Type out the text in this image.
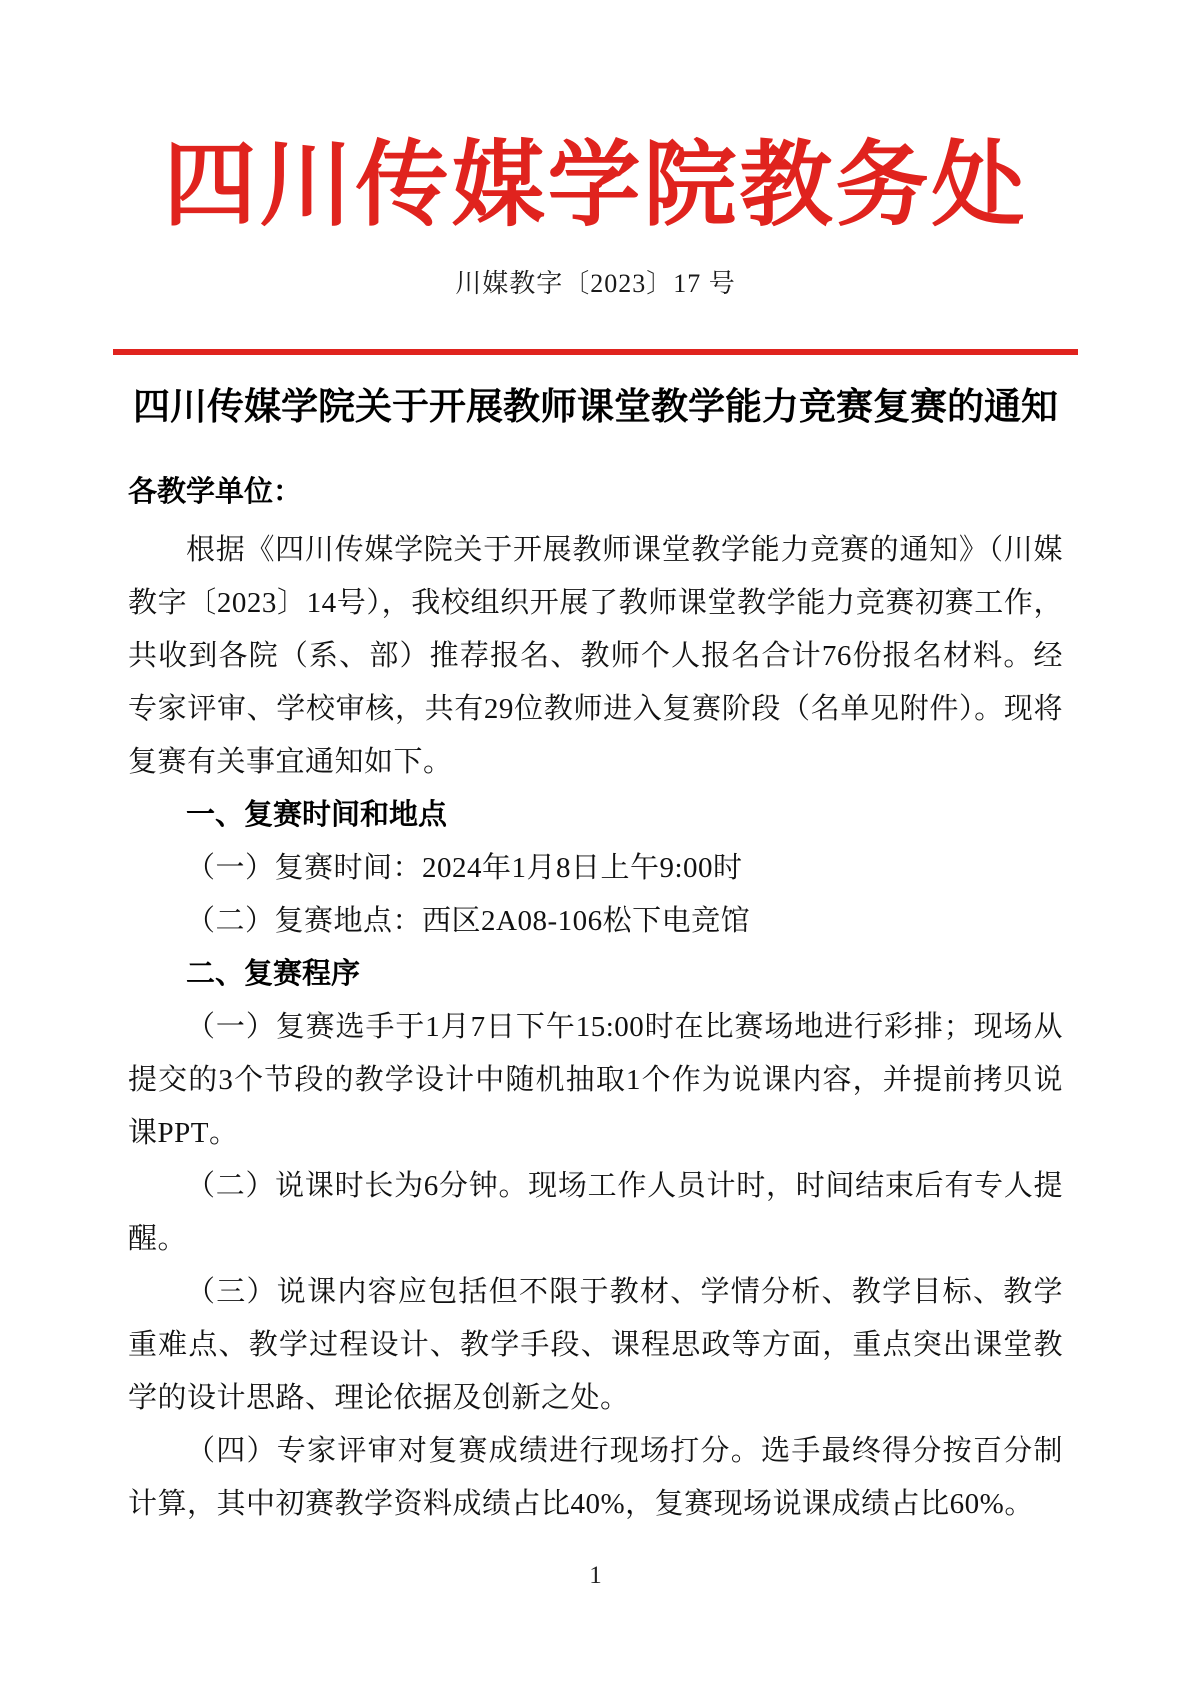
四川传媒学院教务处
川媒教字〔2023〕17 号
四川传媒学院关于开展教师课堂教学能力竞赛复赛的通知
各教学单位：

根据《四川传媒学院关于开展教师课堂教学能力竞赛的通知》（川媒教字〔2023〕14号），我校组织开展了教师课堂教学能力竞赛初赛工作，共收到各院（系、部）推荐报名、教师个人报名合计76份报名材料。经专家评审、学校审核，共有29位教师进入复赛阶段（名单见附件）。现将复赛有关事宜通知如下。

一、复赛时间和地点

（一）复赛时间：2024年1月8日上午9:00时

（二）复赛地点：西区2A08-106松下电竞馆

二、复赛程序

（一）复赛选手于1月7日下午15:00时在比赛场地进行彩排；现场从提交的3个节段的教学设计中随机抽取1个作为说课内容，并提前拷贝说课PPT。

（二）说课时长为6分钟。现场工作人员计时，时间结束后有专人提醒。

（三）说课内容应包括但不限于教材、学情分析、教学目标、教学重难点、教学过程设计、教学手段、课程思政等方面，重点突出课堂教学的设计思路、理论依据及创新之处。

（四）专家评审对复赛成绩进行现场打分。选手最终得分按百分制计算，其中初赛教学资料成绩占比40%，复赛现场说课成绩占比60%。

1
